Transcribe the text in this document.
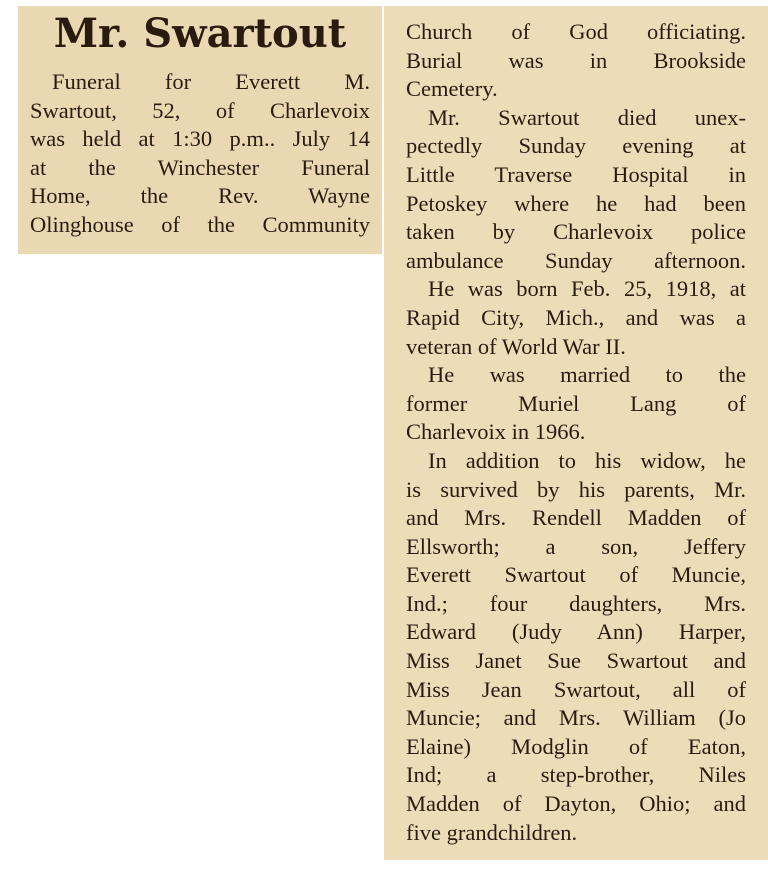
Mr. Swartout
Funeral for Everett M.
Swartout, 52, of Charlevoix
was held at 1:30 p.m.. July 14
at the Winchester Funeral
Home, the Rev. Wayne
Olinghouse of the Community
Church of God officiating.
Burial was in Brookside
Cemetery.
Mr. Swartout died unex-
pectedly Sunday evening at
Little Traverse Hospital in
Petoskey where he had been
taken by Charlevoix police
ambulance Sunday afternoon.
He was born Feb. 25, 1918, at
Rapid City, Mich., and was a
veteran of World War II.
He was married to the
former Muriel Lang of
Charlevoix in 1966.
In addition to his widow, he
is survived by his parents, Mr.
and Mrs. Rendell Madden of
Ellsworth; a son, Jeffery
Everett Swartout of Muncie,
Ind.; four daughters, Mrs.
Edward (Judy Ann) Harper,
Miss Janet Sue Swartout and
Miss Jean Swartout, all of
Muncie; and Mrs. William (Jo
Elaine) Modglin of Eaton,
Ind; a step-brother, Niles
Madden of Dayton, Ohio; and
five grandchildren.
